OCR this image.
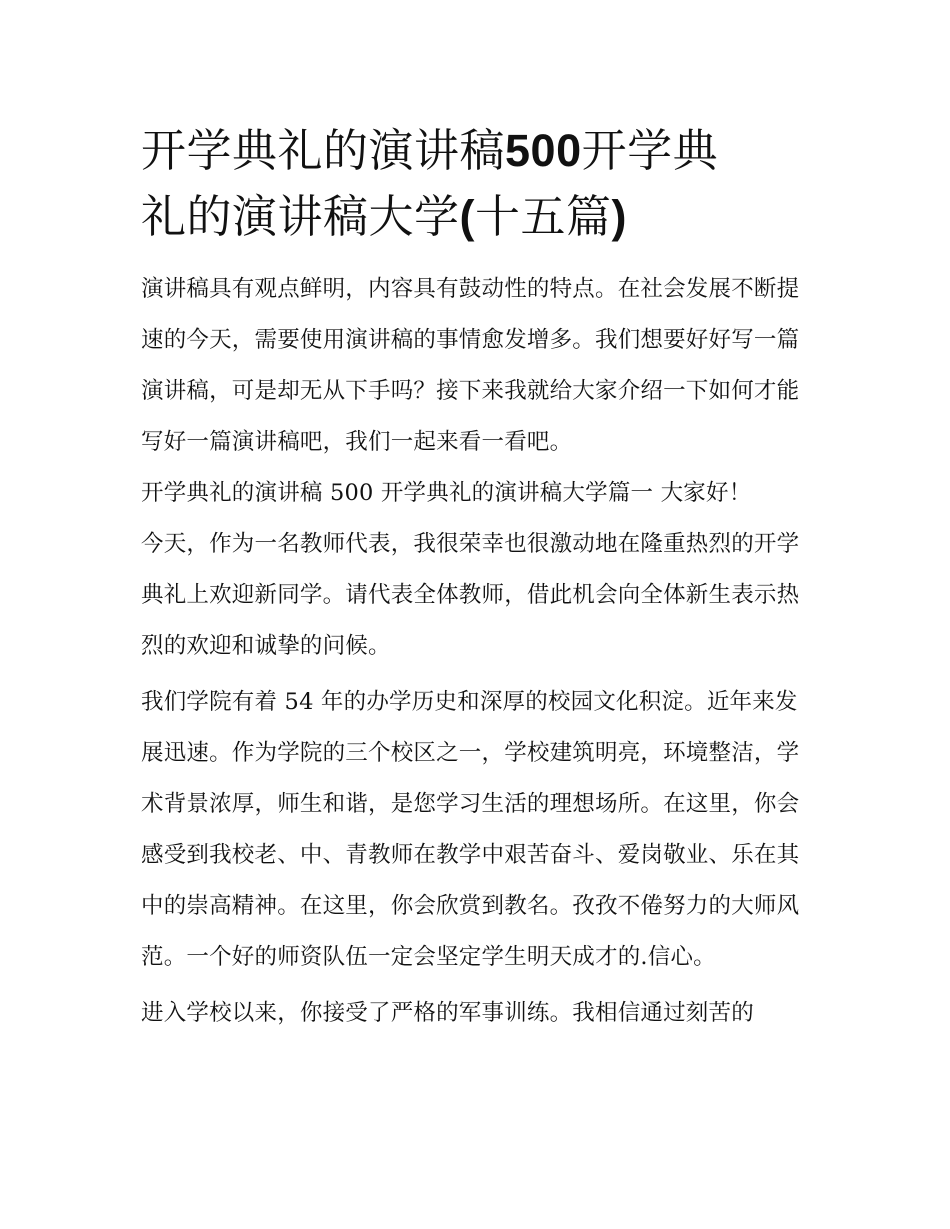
开学典礼的演讲稿500开学典
礼的演讲稿大学(十五篇)

演讲稿具有观点鲜明，内容具有鼓动性的特点。在社会发展不断提速的今天，需要使用演讲稿的事情愈发增多。我们想要好好写一篇演讲稿，可是却无从下手吗？接下来我就给大家介绍一下如何才能写好一篇演讲稿吧，我们一起来看一看吧。

开学典礼的演讲稿 500 开学典礼的演讲稿大学篇一 大家好！

今天，作为一名教师代表，我很荣幸也很激动地在隆重热烈的开学典礼上欢迎新同学。请代表全体教师，借此机会向全体新生表示热烈的欢迎和诚挚的问候。

我们学院有着 54 年的办学历史和深厚的校园文化积淀。近年来发展迅速。作为学院的三个校区之一，学校建筑明亮，环境整洁，学术背景浓厚，师生和谐，是您学习生活的理想场所。在这里，你会感受到我校老、中、青教师在教学中艰苦奋斗、爱岗敬业、乐在其中的崇高精神。在这里，你会欣赏到教名。孜孜不倦努力的大师风范。一个好的师资队伍一定会坚定学生明天成才的.信心。

进入学校以来，你接受了严格的军事训练。我相信通过刻苦的
